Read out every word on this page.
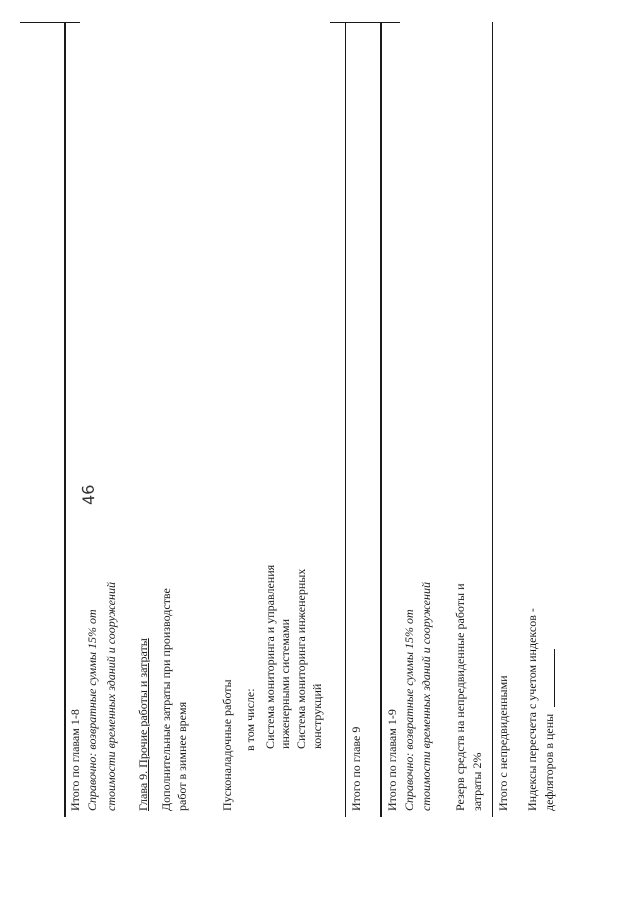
46
Итого по главам 1-8 Справочно: возвратные суммы 15% от стоимости временных зданий и сооружений Глава 9. Прочие работы и затраты Дополнительные затраты при производстве работ в зимнее время	Пусконаладочные работы в том числе: Система мониторинга и управления инженерными системами Система мониторинга инженерных конструкций
Итого по главе 9 Итого по главам 1-9 Справочно: возвратные суммы 15% от стоимости временных зданий и сооружений Резерв средств на непредвиденные работы и затраты 2% Итого с непредвиденными Индексы пересчета с учетом индексов - дефляторов в цены
